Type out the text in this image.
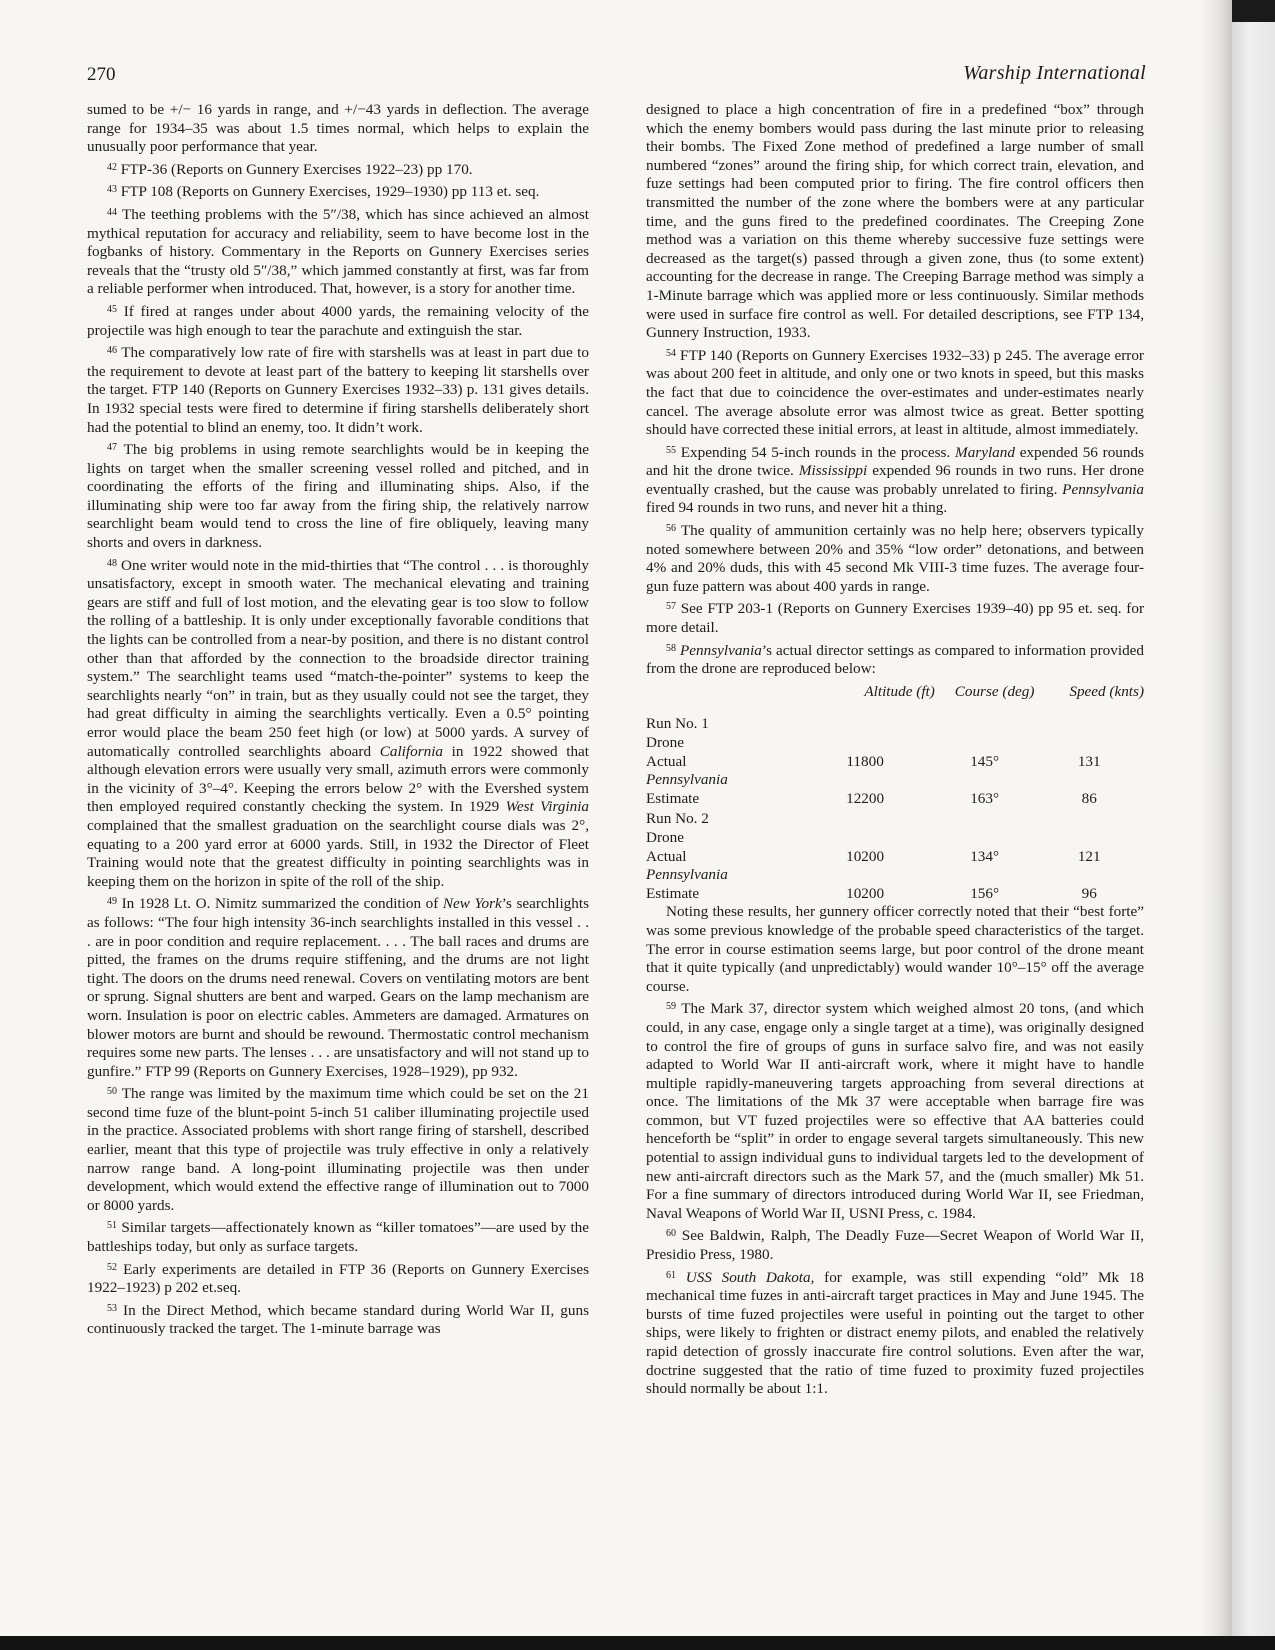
270	Warship International

sumed to be +/− 16 yards in range, and +/−43 yards in deflection. The average range for 1934–35 was about 1.5 times normal, which helps to explain the unusually poor performance that year.

$^{42}$ FTP-36 (Reports on Gunnery Exercises 1922–23) pp 170.

$^{43}$ FTP 108 (Reports on Gunnery Exercises, 1929–1930) pp 113 et. seq.

$^{44}$ The teething problems with the 5″/38, which has since achieved an almost mythical reputation for accuracy and reliability, seem to have become lost in the fogbanks of history. Commentary in the Reports on Gunnery Exercises series reveals that the “trusty old 5″/38,” which jammed constantly at first, was far from a reliable performer when introduced. That, however, is a story for another time.

$^{45}$ If fired at ranges under about 4000 yards, the remaining velocity of the projectile was high enough to tear the parachute and extinguish the star.

$^{46}$ The comparatively low rate of fire with starshells was at least in part due to the requirement to devote at least part of the battery to keeping lit starshells over the target. FTP 140 (Reports on Gunnery Exercises 1932–33) p. 131 gives details. In 1932 special tests were fired to determine if firing starshells deliberately short had the potential to blind an enemy, too. It didn’t work.

$^{47}$ The big problems in using remote searchlights would be in keeping the lights on target when the smaller screening vessel rolled and pitched, and in coordinating the efforts of the firing and illuminating ships. Also, if the illuminating ship were too far away from the firing ship, the relatively narrow searchlight beam would tend to cross the line of fire obliquely, leaving many shorts and overs in darkness.

$^{48}$ One writer would note in the mid-thirties that “The control . . . is thoroughly unsatisfactory, except in smooth water. The mechanical elevating and training gears are stiff and full of lost motion, and the elevating gear is too slow to follow the rolling of a battleship. It is only under exceptionally favorable conditions that the lights can be controlled from a near-by position, and there is no distant control other than that afforded by the connection to the broadside director training system.” The searchlight teams used “match-the-pointer” systems to keep the searchlights nearly “on” in train, but as they usually could not see the target, they had great difficulty in aiming the searchlights vertically. Even a 0.5° pointing error would place the beam 250 feet high (or low) at 5000 yards. A survey of automatically controlled searchlights aboard California in 1922 showed that although elevation errors were usually very small, azimuth errors were commonly in the vicinity of 3°–4°. Keeping the errors below 2° with the Evershed system then employed required constantly checking the system. In 1929 West Virginia complained that the smallest graduation on the searchlight course dials was 2°, equating to a 200 yard error at 6000 yards. Still, in 1932 the Director of Fleet Training would note that the greatest difficulty in pointing searchlights was in keeping them on the horizon in spite of the roll of the ship.

$^{49}$ In 1928 Lt. O. Nimitz summarized the condition of New York’s searchlights as follows: “The four high intensity 36-inch searchlights installed in this vessel . . . are in poor condition and require replacement. . . . The ball races and drums are pitted, the frames on the drums require stiffening, and the drums are not light tight. The doors on the drums need renewal. Covers on ventilating motors are bent or sprung. Signal shutters are bent and warped. Gears on the lamp mechanism are worn. Insulation is poor on electric cables. Ammeters are damaged. Armatures on blower motors are burnt and should be rewound. Thermostatic control mechanism requires some new parts. The lenses . . . are unsatisfactory and will not stand up to gunfire.” FTP 99 (Reports on Gunnery Exercises, 1928–1929), pp 932.

$^{50}$ The range was limited by the maximum time which could be set on the 21 second time fuze of the blunt-point 5-inch 51 caliber illuminating projectile used in the practice. Associated problems with short range firing of starshell, described earlier, meant that this type of projectile was truly effective in only a relatively narrow range band. A long-point illuminating projectile was then under development, which would extend the effective range of illumination out to 7000 or 8000 yards.

$^{51}$ Similar targets—affectionately known as “killer tomatoes”—are used by the battleships today, but only as surface targets.

$^{52}$ Early experiments are detailed in FTP 36 (Reports on Gunnery Exercises 1922–1923) p 202 et.seq.

$^{53}$ In the Direct Method, which became standard during World War II, guns continuously tracked the target. The 1-minute barrage was

designed to place a high concentration of fire in a predefined “box” through which the enemy bombers would pass during the last minute prior to releasing their bombs. The Fixed Zone method of predefined a large number of small numbered “zones” around the firing ship, for which correct train, elevation, and fuze settings had been computed prior to firing. The fire control officers then transmitted the number of the zone where the bombers were at any particular time, and the guns fired to the predefined coordinates. The Creeping Zone method was a variation on this theme whereby successive fuze settings were decreased as the target(s) passed through a given zone, thus (to some extent) accounting for the decrease in range. The Creeping Barrage method was simply a 1-Minute barrage which was applied more or less continuously. Similar methods were used in surface fire control as well. For detailed descriptions, see FTP 134, Gunnery Instruction, 1933.

$^{54}$ FTP 140 (Reports on Gunnery Exercises 1932–33) p 245. The average error was about 200 feet in altitude, and only one or two knots in speed, but this masks the fact that due to coincidence the over-estimates and under-estimates nearly cancel. The average absolute error was almost twice as great. Better spotting should have corrected these initial errors, at least in altitude, almost immediately.

$^{55}$ Expending 54 5-inch rounds in the process. Maryland expended 56 rounds and hit the drone twice. Mississippi expended 96 rounds in two runs. Her drone eventually crashed, but the cause was probably unrelated to firing. Pennsylvania fired 94 rounds in two runs, and never hit a thing.

$^{56}$ The quality of ammunition certainly was no help here; observers typically noted somewhere between 20% and 35% “low order” detonations, and between 4% and 20% duds, this with 45 second Mk VIII-3 time fuzes. The average four-gun fuze pattern was about 400 yards in range.

$^{57}$ See FTP 203-1 (Reports on Gunnery Exercises 1939–40) pp 95 et. seq. for more detail.

$^{58}$ Pennsylvania’s actual director settings as compared to information provided from the drone are reproduced below:

	Altitude (ft)	Course (deg)	Speed (knts)
Run No. 1			
Drone			
Actual	11800	145°	131
Pennsylvania			
Estimate	12200	163°	86
Run No. 2			
Drone			
Actual	10200	134°	121
Pennsylvania			
Estimate	10200	156°	96

Noting these results, her gunnery officer correctly noted that their “best forte” was some previous knowledge of the probable speed characteristics of the target. The error in course estimation seems large, but poor control of the drone meant that it quite typically (and unpredictably) would wander 10°–15° off the average course.

$^{59}$ The Mark 37, director system which weighed almost 20 tons, (and which could, in any case, engage only a single target at a time), was originally designed to control the fire of groups of guns in surface salvo fire, and was not easily adapted to World War II anti-aircraft work, where it might have to handle multiple rapidly-maneuvering targets approaching from several directions at once. The limitations of the Mk 37 were acceptable when barrage fire was common, but VT fuzed projectiles were so effective that AA batteries could henceforth be “split” in order to engage several targets simultaneously. This new potential to assign individual guns to individual targets led to the development of new anti-aircraft directors such as the Mark 57, and the (much smaller) Mk 51. For a fine summary of directors introduced during World War II, see Friedman, Naval Weapons of World War II, USNI Press, c. 1984.

$^{60}$ See Baldwin, Ralph, The Deadly Fuze—Secret Weapon of World War II, Presidio Press, 1980.

$^{61}$ USS South Dakota, for example, was still expending “old” Mk 18 mechanical time fuzes in anti-aircraft target practices in May and June 1945. The bursts of time fuzed projectiles were useful in pointing out the target to other ships, were likely to frighten or distract enemy pilots, and enabled the relatively rapid detection of grossly inaccurate fire control solutions. Even after the war, doctrine suggested that the ratio of time fuzed to proximity fuzed projectiles should normally be about 1:1.
